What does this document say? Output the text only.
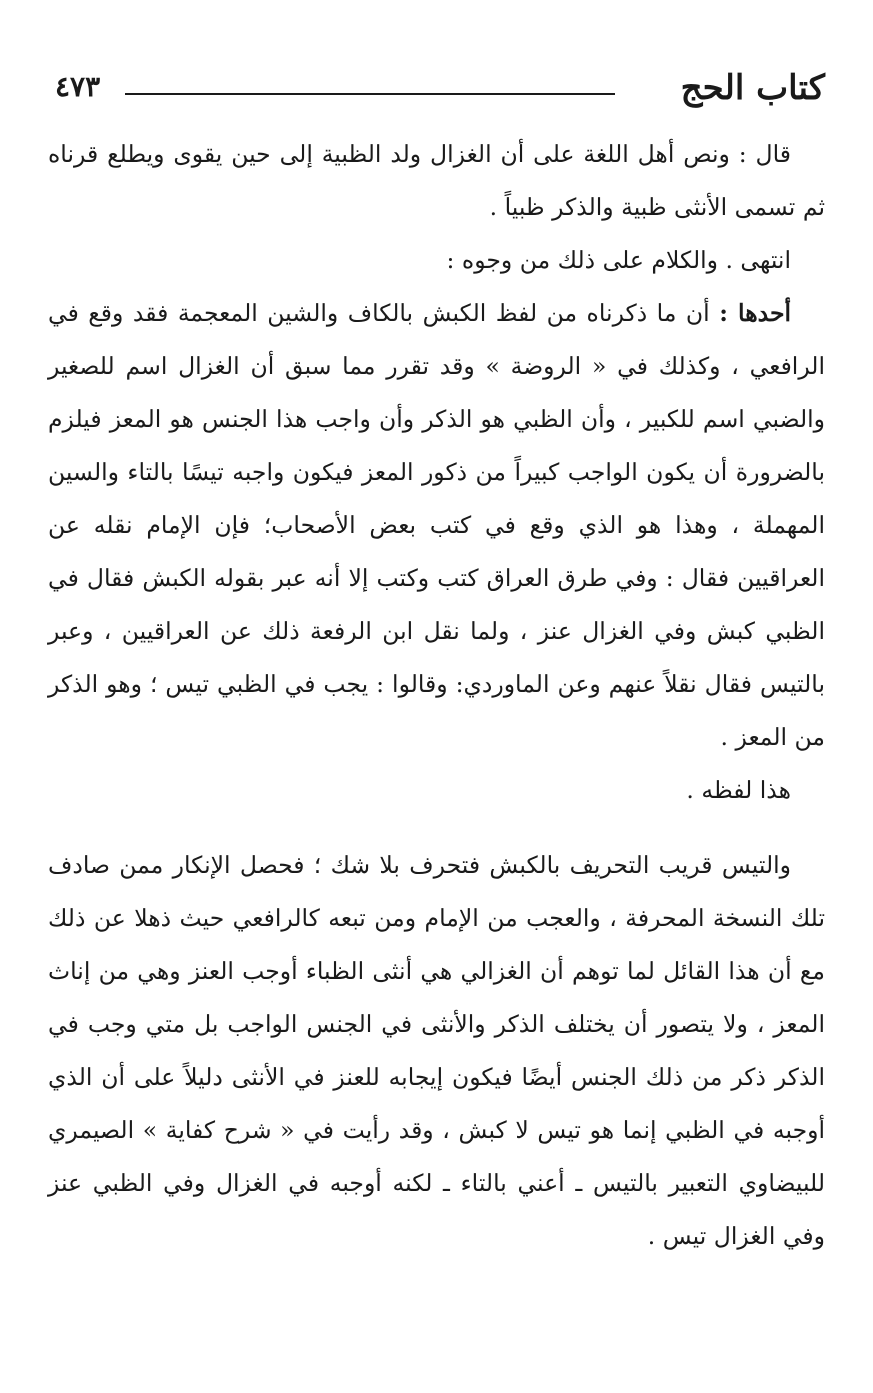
كتاب الحج
٤٧٣

قال : ونص أهل اللغة على أن الغزال ولد الظبية إلى حين يقوى ويطلع قرناه ثم تسمى الأنثى ظبية والذكر ظبياً .

انتهى . والكلام على ذلك من وجوه :

أحدها : أن ما ذكرناه من لفظ الكبش بالكاف والشين المعجمة فقد وقع في الرافعي ، وكذلك في « الروضة » وقد تقرر مما سبق أن الغزال اسم للصغير والضبي اسم للكبير ، وأن الظبي هو الذكر وأن واجب هذا الجنس هو المعز فيلزم بالضرورة أن يكون الواجب كبيراً من ذكور المعز فيكون واجبه تيسًا بالتاء والسين المهملة ، وهذا هو الذي وقع في كتب بعض الأصحاب؛ فإن الإمام نقله عن العراقيين فقال : وفي طرق العراق كتب وكتب إلا أنه عبر بقوله الكبش فقال في الظبي كبش وفي الغزال عنز ، ولما نقل ابن الرفعة ذلك عن العراقيين ، وعبر بالتيس فقال نقلاً عنهم وعن الماوردي: وقالوا : يجب في الظبي تيس ؛ وهو الذكر من المعز .

هذا لفظه .

والتيس قريب التحريف بالكبش فتحرف بلا شك ؛ فحصل الإنكار ممن صادف تلك النسخة المحرفة ، والعجب من الإمام ومن تبعه كالرافعي حيث ذهلا عن ذلك مع أن هذا القائل لما توهم أن الغزالي هي أنثى الظباء أوجب العنز وهي من إناث المعز ، ولا يتصور أن يختلف الذكر والأنثى في الجنس الواجب بل متي وجب في الذكر ذكر من ذلك الجنس أيضًا فيكون إيجابه للعنز في الأنثى دليلاً على أن الذي أوجبه في الظبي إنما هو تيس لا كبش ، وقد رأيت في « شرح كفاية » الصيمري للبيضاوي التعبير بالتيس ـ أعني بالتاء ـ لكنه أوجبه في الغزال وفي الظبي عنز وفي الغزال تيس .
